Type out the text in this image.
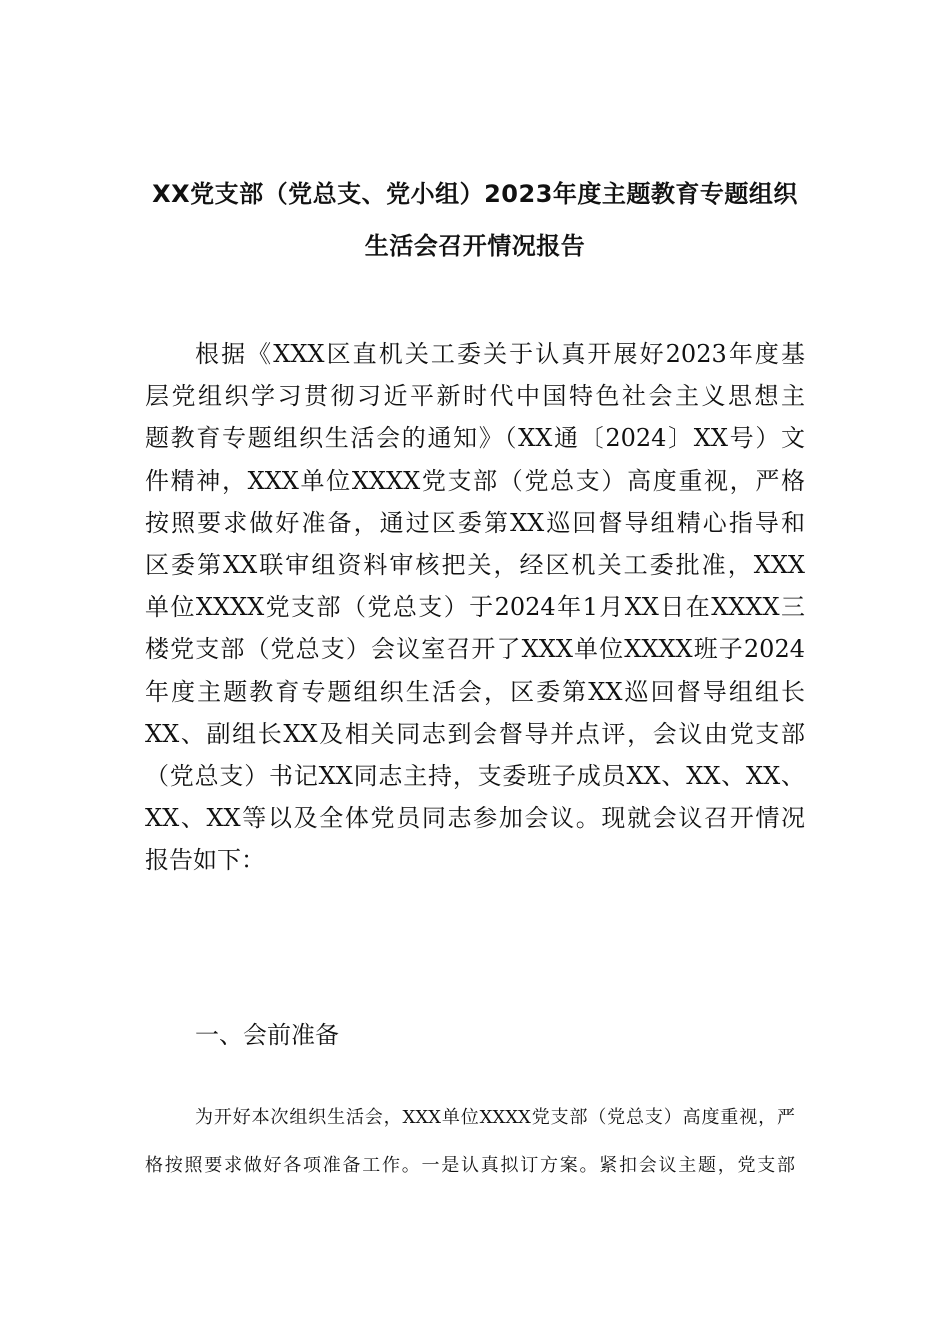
XX党支部（党总支、党小组）2023年度主题教育专题组织
生活会召开情况报告
根据《XXX区直机关工委关于认真开展好2023年度基
层党组织学习贯彻习近平新时代中国特色社会主义思想主
题教育专题组织生活会的通知》（XX通〔2024〕XX号）文
件精神，XXX单位XXXX党支部（党总支）高度重视，严格
按照要求做好准备，通过区委第XX巡回督导组精心指导和
区委第XX联审组资料审核把关，经区机关工委批准，XXX
单位XXXX党支部（党总支）于2024年1月XX日在XXXX三
楼党支部（党总支）会议室召开了XXX单位XXXX班子2024
年度主题教育专题组织生活会，区委第XX巡回督导组组长
XX、副组长XX及相关同志到会督导并点评，会议由党支部
（党总支）书记XX同志主持，支委班子成员XX、XX、XX、
XX、XX等以及全体党员同志参加会议。现就会议召开情况
报告如下：
一、会前准备
为开好本次组织生活会，XXX单位XXXX党支部（党总支）高度重视，严
格按照要求做好各项准备工作。一是认真拟订方案。紧扣会议主题，党支部
